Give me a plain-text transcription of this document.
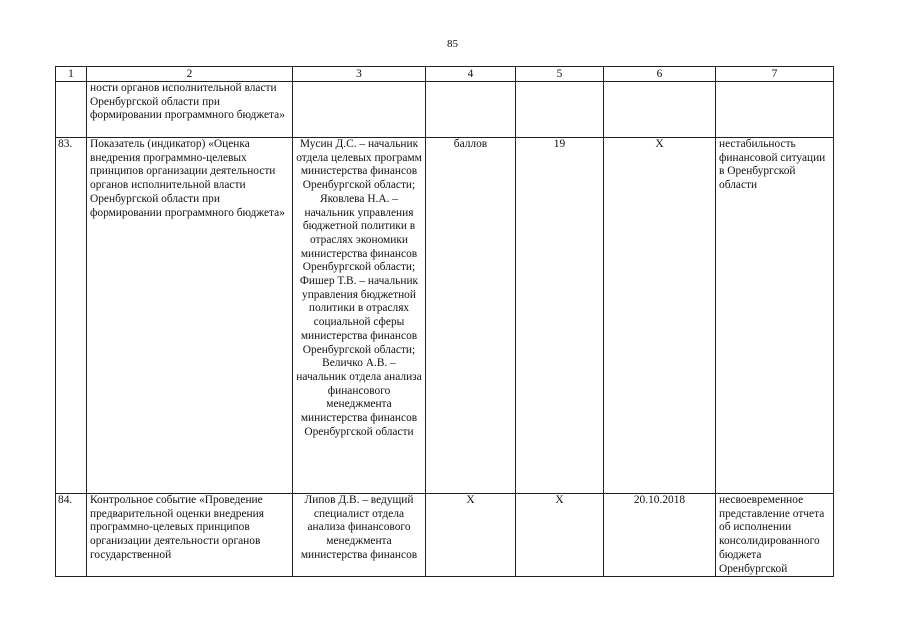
85
1	2	3	4	5	6	7
	ности органов исполнительной власти Оренбургской области при формировании программного бюджета»					
83.	Показатель (индикатор) «Оценка внедрения программно-целевых принципов организации деятельности органов исполнительной власти Оренбургской области при формировании программного бюджета»	Мусин Д.С. – начальник отдела целевых программ министерства финансов Оренбургской области; Яковлева Н.А. – начальник управления бюджетной политики в отраслях экономики министерства финансов Оренбургской области; Фишер Т.В. – начальник управления бюджетной политики в отраслях социальной сферы министерства финансов Оренбургской области; Величко А.В. – начальник отдела анализа финансового менеджмента министерства финансов Оренбургской области	баллов	19	Х	нестабильность финансовой ситуации в Оренбургской области
84.	Контрольное событие «Проведение предварительной оценки внедрения программно-целевых принципов организации деятельности органов государственной	Липов Д.В. – ведущий специалист отдела анализа финансового менеджмента министерства финансов	Х	Х	20.10.2018	несвоевременное представление отчета об исполнении консолидированного бюджета Оренбургской
